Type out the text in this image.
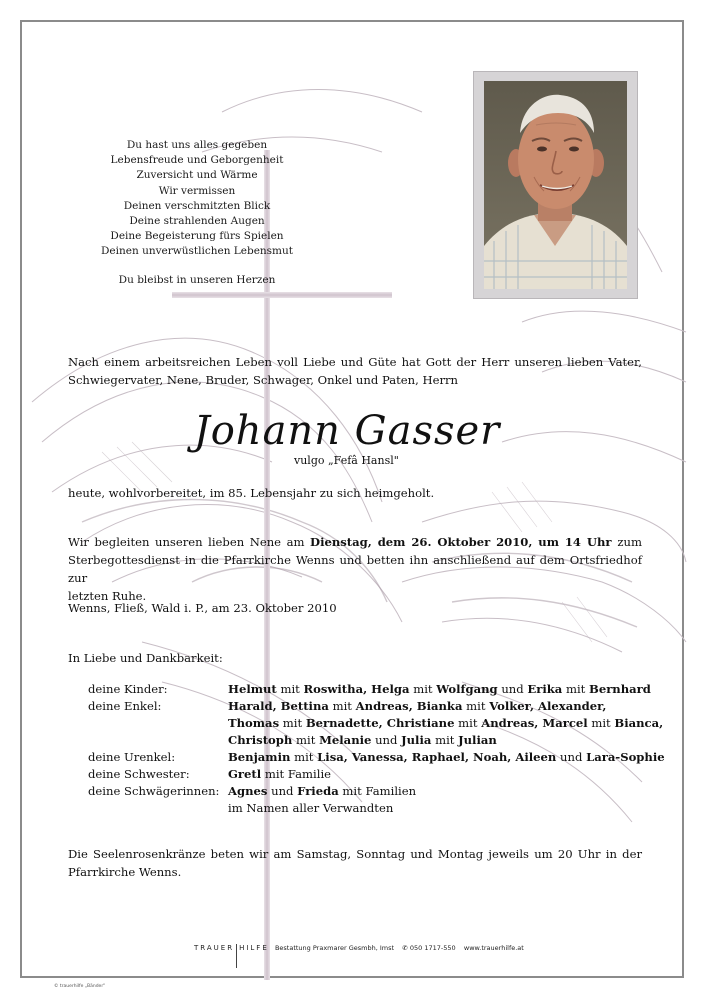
Du hast uns alles gegeben
Lebensfreude und Geborgenheit
Zuversicht und Wärme
Wir vermissen
Deinen verschmitzten Blick
Deine strahlenden Augen
Deine Begeisterung fürs Spielen
Deinen unverwüstlichen Lebensmut
Du bleibst in unseren Herzen
Nach einem arbeitsreichen Leben voll Liebe und Güte hat Gott der Herr unseren lieben Vater,
Schwiegervater, Nene, Bruder, Schwager, Onkel und Paten, Herrn
Johann Gasser
vulgo „Fefâ Hansl"
heute, wohlvorbereitet, im 85. Lebensjahr zu sich heimgeholt.
Wir begleiten unseren lieben Nene am Dienstag, dem 26. Oktober 2010, um 14 Uhr zum
Sterbegottesdienst in die Pfarrkirche Wenns und betten ihn anschließend auf dem Ortsfriedhof zur
letzten Ruhe.
Wenns, Fließ, Wald i. P., am 23. Oktober 2010
In Liebe und Dankbarkeit:
deine Kinder:	Helmut mit Roswitha, Helga mit Wolfgang und Erika mit Bernhard
deine Enkel:	Harald, Bettina mit Andreas, Bianka mit Volker, Alexander,
Thomas mit Bernadette, Christiane mit Andreas, Marcel mit Bianca,
Christoph mit Melanie und Julia mit Julian
deine Urenkel:	Benjamin mit Lisa, Vanessa, Raphael, Noah, Aileen und Lara-Sophie
deine Schwester:	Gretl mit Familie
deine Schwägerinnen: Agnes und Frieda mit Familien
im Namen aller Verwandten
Die Seelenrosenkränze beten wir am Samstag, Sonntag und Montag jeweils um 20 Uhr in der
Pfarrkirche Wenns.
TRAUER HILFE Bestattung Praxmarer Gesmbh, Imst ✆ 050 1717-550 www.trauerhilfe.at
© trauerhilfe „Bänder"
